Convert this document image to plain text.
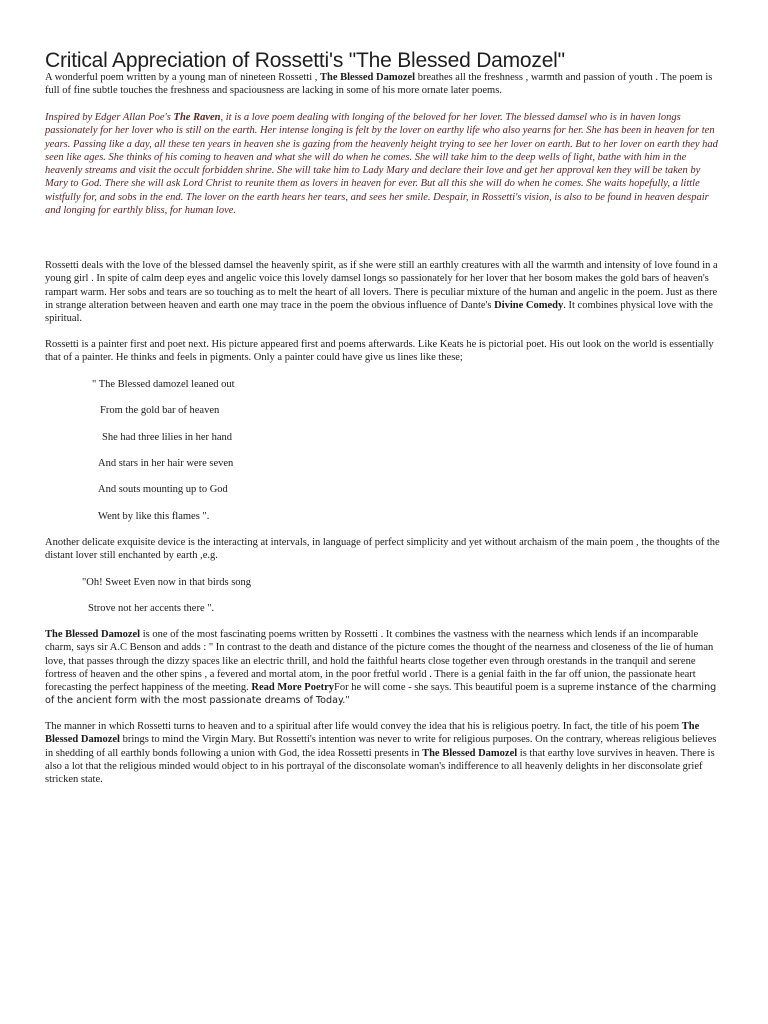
Critical Appreciation of Rossetti's "The Blessed Damozel"

A wonderful poem written by a young man of nineteen Rossetti , The Blessed Damozel breathes all the freshness , warmth and passion of youth . The poem is full of fine subtle touches the freshness and spaciousness are lacking in some of his more ornate later poems.

Inspired by Edger Allan Poe's The Raven, it is a love poem dealing with longing of the beloved for her lover. The blessed damsel who is in haven longs passionately for her lover who is still on the earth. Her intense longing is felt by the lover on earthy life who also yearns for her. She has been in heaven for ten years. Passing like a day, all these ten years in heaven she is gazing from the heavenly height trying to see her lover on earth. But to her lover on earth they had seen like ages. She thinks of his coming to heaven and what she will do when he comes. She will take him to the deep wells of light, bathe with him in the heavenly streams and visit the occult forbidden shrine. She will take him to Lady Mary and declare their love and get her approval ken they will be taken by Mary to God. There she will ask Lord Christ to reunite them as lovers in heaven for ever. But all this she will do when he comes. She waits hopefully, a little wistfully for, and sobs in the end. The lover on the earth hears her tears, and sees her smile. Despair, in Rossetti's vision, is also to be found in heaven despair and longing for earthly bliss, for human love.

Rossetti deals with the love of the blessed damsel the heavenly spirit, as if she were still an earthly creatures with all the warmth and intensity of love found in a young girl . In spite of calm deep eyes and angelic voice this lovely damsel longs so passionately for her lover that her bosom makes the gold bars of heaven's rampart warm. Her sobs and tears are so touching as to melt the heart of all lovers. There is peculiar mixture of the human and angelic in the poem. Just as there in strange alteration between heaven and earth one may trace in the poem the obvious influence of Dante's Divine Comedy. It combines physical love with the spiritual.

Rossetti is a painter first and poet next. His picture appeared first and poems afterwards. Like Keats he is pictorial poet. His out look on the world is essentially that of a painter. He thinks and feels in pigments. Only a painter could have give us lines like these;

" The Blessed damozel leaned out

From the gold bar of heaven

She had three lilies in her hand

And stars in her hair were seven

And souts mounting up to God

Went by like this flames ".

Another delicate exquisite device is the interacting at intervals, in language of perfect simplicity and yet without archaism of the main poem , the thoughts of the distant lover still enchanted by earth ,e.g.

"Oh! Sweet Even now in that birds song

Strove not her accents there ".

The Blessed Damozel is one of the most fascinating poems written by Rossetti . It combines the vastness with the nearness which lends if an incomparable charm, says sir A.C Benson and adds : " In contrast to the death and distance of the picture comes the thought of the nearness and closeness of the lie of human love, that passes through the dizzy spaces like an electric thrill, and hold the faithful hearts close together even through orestands in the tranquil and serene fortress of heaven and the other spins , a fevered and mortal atom, in the poor fretful world . There is a genial faith in the far off union, the passionate heart forecasting the perfect happiness of the meeting. Read More PoetryFor he will come - she says. This beautiful poem is a supreme instance of the charming of the ancient form with the most passionate dreams of Today."

The manner in which Rossetti turns to heaven and to a spiritual after life would convey the idea that his is religious poetry. In fact, the title of his poem The Blessed Damozel brings to mind the Virgin Mary. But Rossetti's intention was never to write for religious purposes. On the contrary, whereas religious believes in shedding of all earthly bonds following a union with God, the idea Rossetti presents in The Blessed Damozel is that earthy love survives in heaven. There is also a lot that the religious minded would object to in his portrayal of the disconsolate woman's indifference to all heavenly delights in her disconsolate grief stricken state.
